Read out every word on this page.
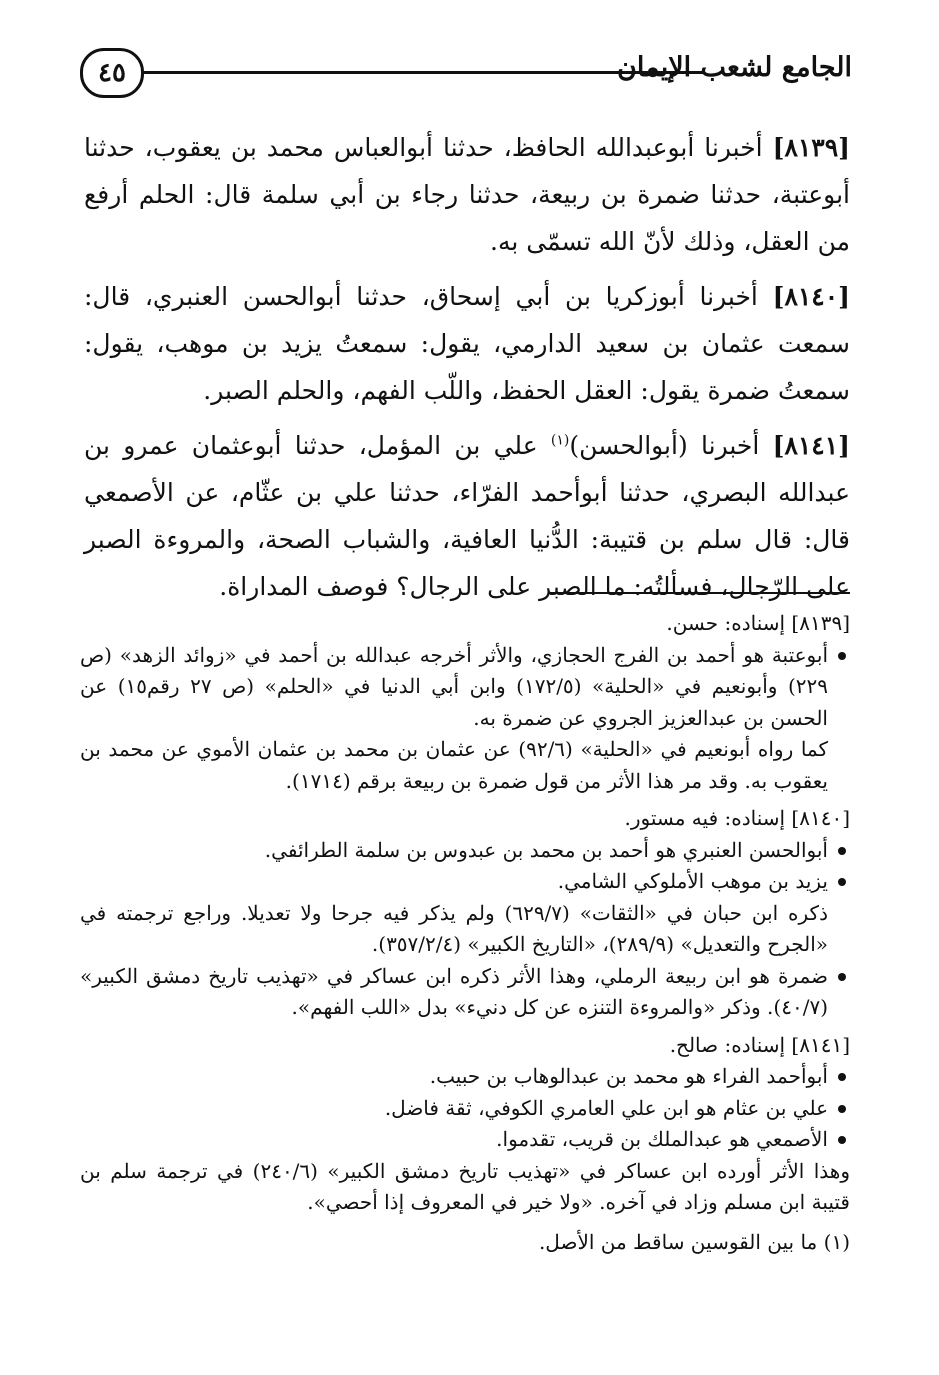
٤٥	الجامع لشعب الإيمان

[٨١٣٩] أخبرنا أبوعبدالله الحافظ، حدثنا أبوالعباس محمد بن يعقوب، حدثنا أبوعتبة، حدثنا ضمرة بن ربيعة، حدثنا رجاء بن أبي سلمة قال: الحلم أرفع من العقل، وذلك لأنّ الله تسمّى به.

[٨١٤٠] أخبرنا أبوزكريا بن أبي إسحاق، حدثنا أبوالحسن العنبري، قال: سمعت عثمان بن سعيد الدارمي، يقول: سمعتُ يزيد بن موهب، يقول: سمعتُ ضمرة يقول: العقل الحفظ، واللّب الفهم، والحلم الصبر.

[٨١٤١] أخبرنا (أبوالحسن)$^{(١)}$ علي بن المؤمل، حدثنا أبوعثمان عمرو بن عبدالله البصري، حدثنا أبوأحمد الفرّاء، حدثنا علي بن عثّام، عن الأصمعي قال: قال سلم بن قتيبة: الدُّنيا العافية، والشباب الصحة، والمروءة الصبر على الرّجال، فسألتُه: ما الصبر على الرجال؟ فوصف المداراة.

[٨١٣٩] إسناده: حسن.

أبوعتبة هو أحمد بن الفرج الحجازي، والأثر أخرجه عبدالله بن أحمد في «زوائد الزهد» (ص ٢٢٩) وأبونعيم في «الحلية» (١٧٢/٥) وابن أبي الدنيا في «الحلم» (ص ٢٧ رقم١٥) عن الحسن بن عبدالعزيز الجروي عن ضمرة به.

كما رواه أبونعيم في «الحلية» (٩٢/٦) عن عثمان بن محمد بن عثمان الأموي عن محمد بن يعقوب به. وقد مر هذا الأثر من قول ضمرة بن ربيعة برقم (١٧١٤).

[٨١٤٠] إسناده: فيه مستور.

أبوالحسن العنبري هو أحمد بن محمد بن عبدوس بن سلمة الطرائفي.
يزيد بن موهب الأملوكي الشامي.

ذكره ابن حبان في «الثقات» (٦٢٩/٧) ولم يذكر فيه جرحا ولا تعديلا. وراجع ترجمته في «الجرح والتعديل» (٢٨٩/٩)، «التاريخ الكبير» (٣٥٧/٢/٤).

ضمرة هو ابن ربيعة الرملي، وهذا الأثر ذكره ابن عساكر في «تهذيب تاريخ دمشق الكبير» (٤٠/٧). وذكر «والمروءة التنزه عن كل دنيء» بدل «اللب الفهم».

[٨١٤١] إسناده: صالح.

أبوأحمد الفراء هو محمد بن عبدالوهاب بن حبيب.
علي بن عثام هو ابن علي العامري الكوفي، ثقة فاضل.
الأصمعي هو عبدالملك بن قريب، تقدموا.

وهذا الأثر أورده ابن عساكر في «تهذيب تاريخ دمشق الكبير» (٢٤٠/٦) في ترجمة سلم بن قتيبة ابن مسلم وزاد في آخره. «ولا خير في المعروف إذا أحصي».

(١) ما بين القوسين ساقط من الأصل.
